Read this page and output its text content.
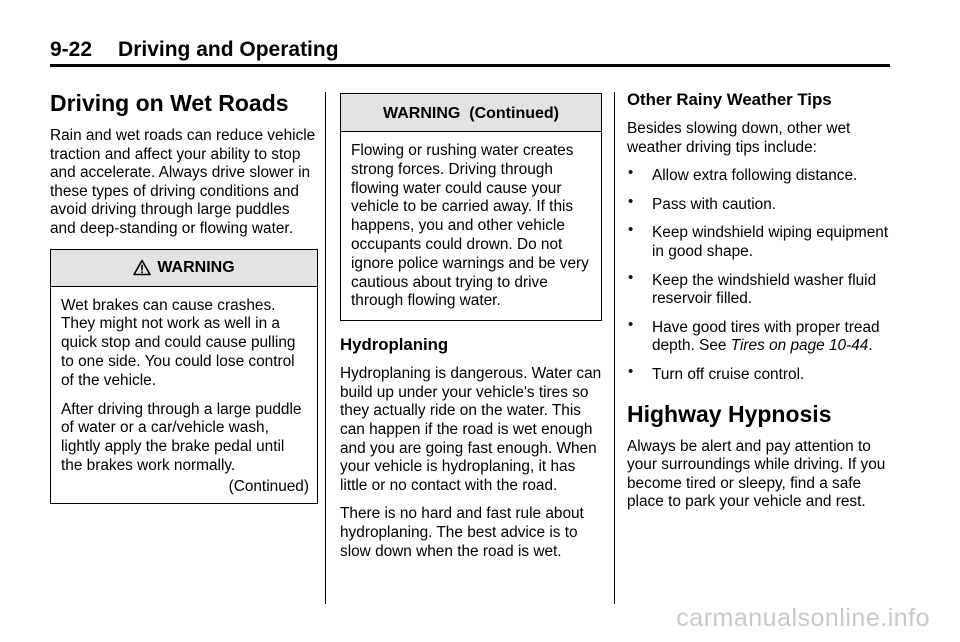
9-22 Driving and Operating
Driving on Wet Roads

Rain and wet roads can reduce vehicle traction and affect your ability to stop and accelerate. Always drive slower in these types of driving conditions and avoid driving through large puddles and deep-standing or flowing water.

WARNING

Wet brakes can cause crashes. They might not work as well in a quick stop and could cause pulling to one side. You could lose control of the vehicle.

After driving through a large puddle of water or a car/vehicle wash, lightly apply the brake pedal until the brakes work normally.

(Continued)
WARNING  (Continued)

Flowing or rushing water creates strong forces. Driving through flowing water could cause your vehicle to be carried away. If this happens, you and other vehicle occupants could drown. Do not ignore police warnings and be very cautious about trying to drive through flowing water.

Hydroplaning

Hydroplaning is dangerous. Water can build up under your vehicle's tires so they actually ride on the water. This can happen if the road is wet enough and you are going fast enough. When your vehicle is hydroplaning, it has little or no contact with the road.

There is no hard and fast rule about hydroplaning. The best advice is to slow down when the road is wet.

Other Rainy Weather Tips

Besides slowing down, other wet weather driving tips include:

• Allow extra following distance.
• Pass with caution.
• Keep windshield wiping equipment in good shape.
• Keep the windshield washer fluid reservoir filled.
• Have good tires with proper tread depth. See Tires on page 10-44.
• Turn off cruise control.
Highway Hypnosis

Always be alert and pay attention to your surroundings while driving. If you become tired or sleepy, find a safe place to park your vehicle and rest.

carmanualsonline.info
